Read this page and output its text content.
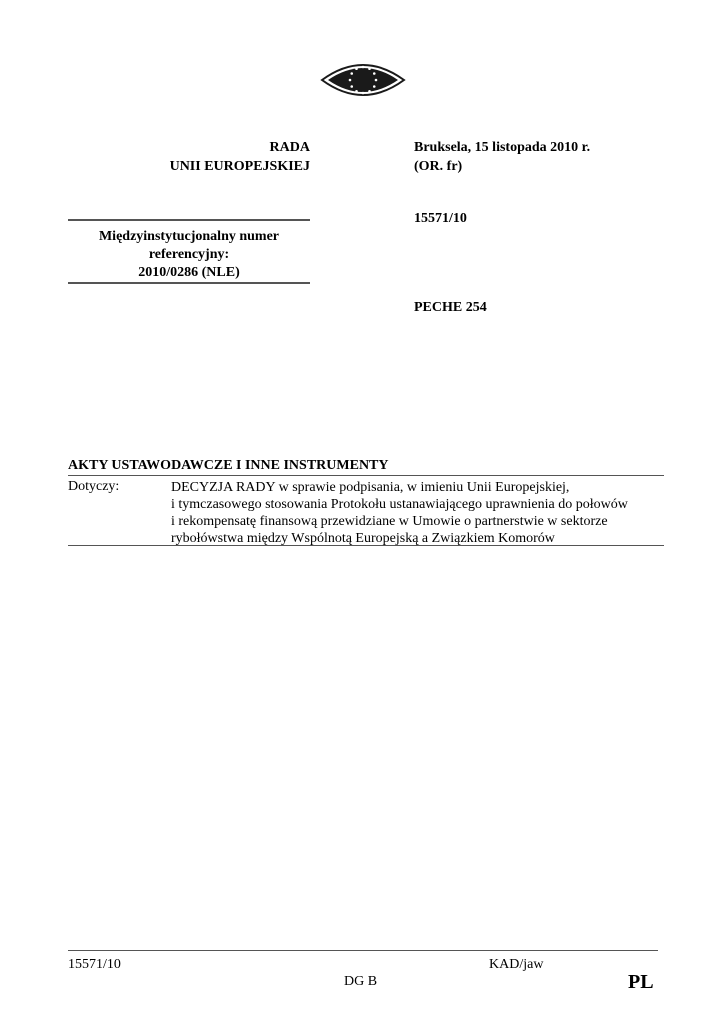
RADA
UNII EUROPEJSKIEJ
Bruksela, 15 listopada 2010 r.
(OR. fr)
15571/10
PECHE 254
Międzyinstytucjonalny numer
referencyjny:
2010/0286 (NLE)
AKTY USTAWODAWCZE I INNE INSTRUMENTY
Dotyczy:	DECYZJA RADY w sprawie podpisania, w imieniu Unii Europejskiej,
i tymczasowego stosowania Protokołu ustanawiającego uprawnienia do połowów
i rekompensatę finansową przewidziane w Umowie o partnerstwie w sektorze
rybołówstwa między Wspólnotą Europejską a Związkiem Komorów
15571/10	KAD/jaw
DG B	PL
